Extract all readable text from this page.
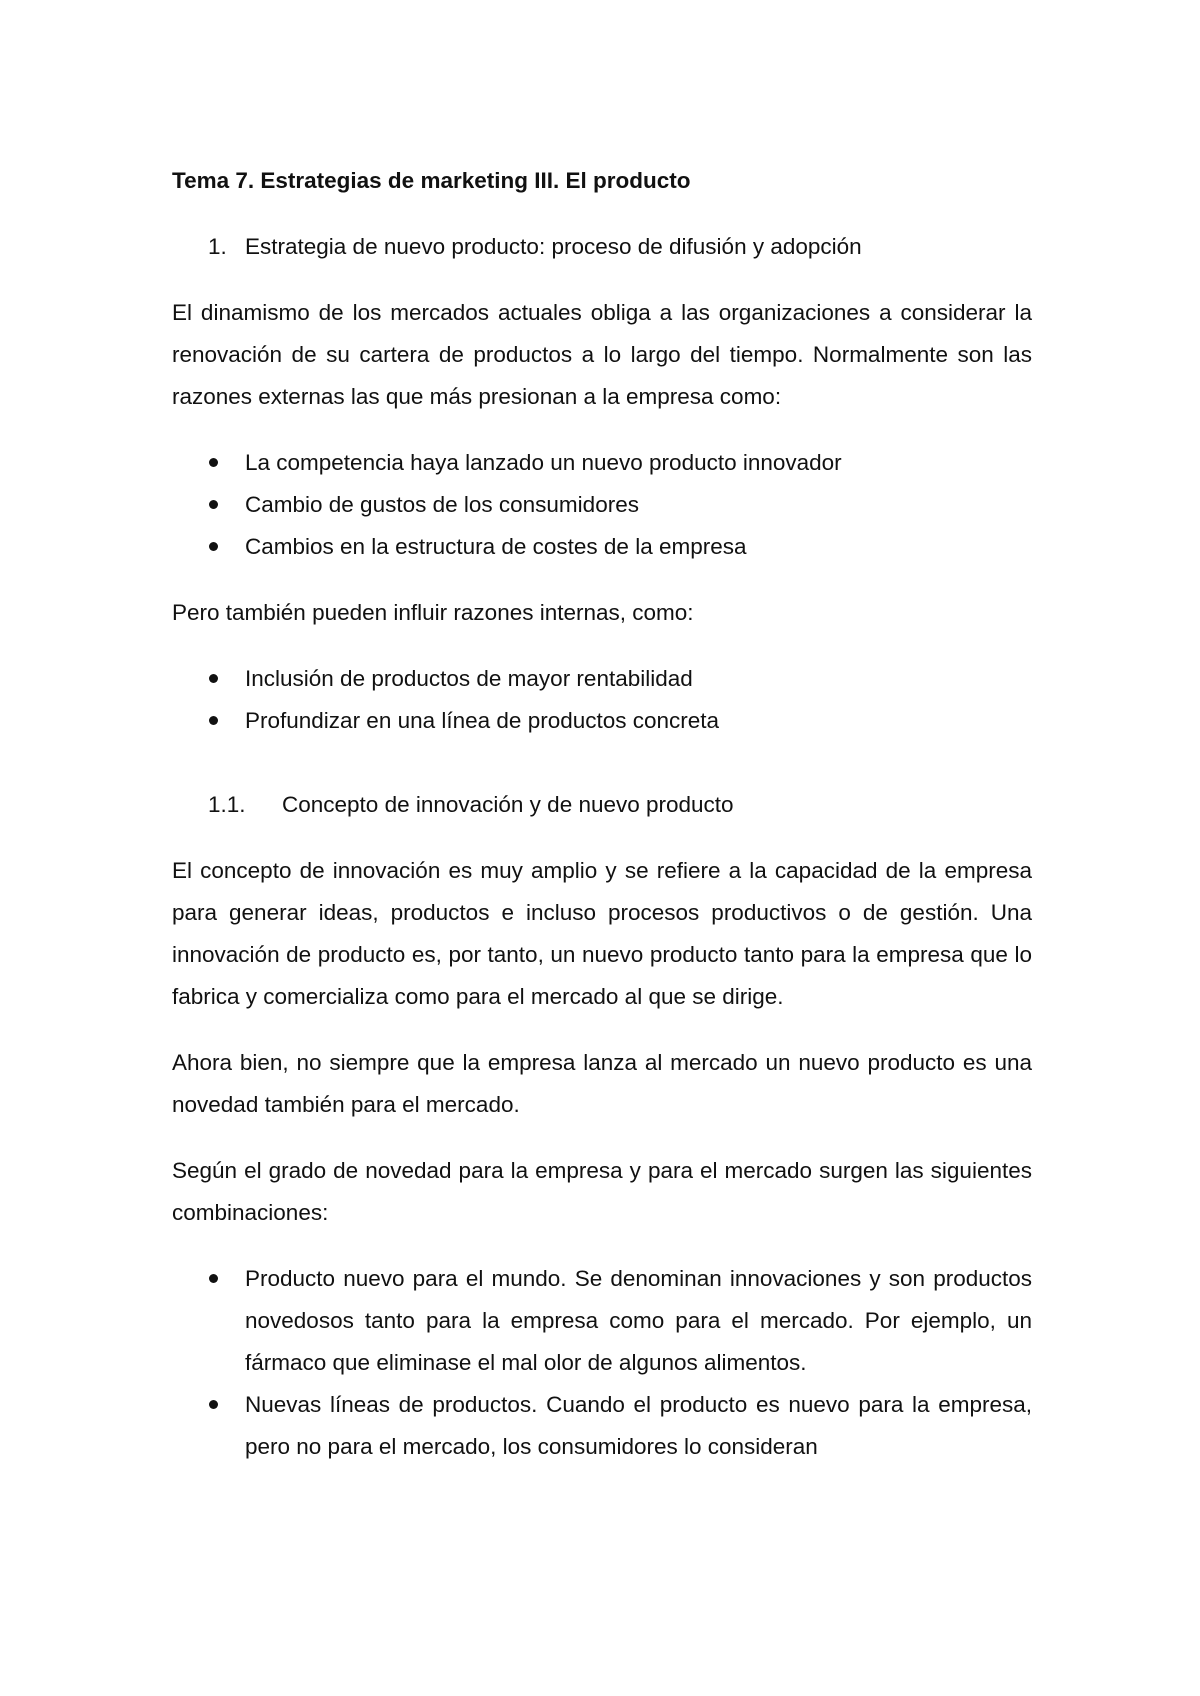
Tema 7. Estrategias de marketing III. El producto
1. Estrategia de nuevo producto: proceso de difusión y adopción
El dinamismo de los mercados actuales obliga a las organizaciones a considerar la renovación de su cartera de productos a lo largo del tiempo. Normalmente son las razones externas las que más presionan a la empresa como:
La competencia haya lanzado un nuevo producto innovador
Cambio de gustos de los consumidores
Cambios en la estructura de costes de la empresa
Pero también pueden influir razones internas, como:
Inclusión de productos de mayor rentabilidad
Profundizar en una línea de productos concreta
1.1.	Concepto de innovación y de nuevo producto
El concepto de innovación es muy amplio y se refiere a la capacidad de la empresa para generar ideas, productos e incluso procesos productivos o de gestión. Una innovación de producto es, por tanto, un nuevo producto tanto para la empresa que lo fabrica y comercializa como para el mercado al que se dirige.
Ahora bien, no siempre que la empresa lanza al mercado un nuevo producto es una novedad también para el mercado.
Según el grado de novedad para la empresa y para el mercado surgen las siguientes combinaciones:
Producto nuevo para el mundo. Se denominan innovaciones y son productos novedosos tanto para la empresa como para el mercado. Por ejemplo, un fármaco que eliminase el mal olor de algunos alimentos.
Nuevas líneas de productos. Cuando el producto es nuevo para la empresa, pero no para el mercado, los consumidores lo consideran
